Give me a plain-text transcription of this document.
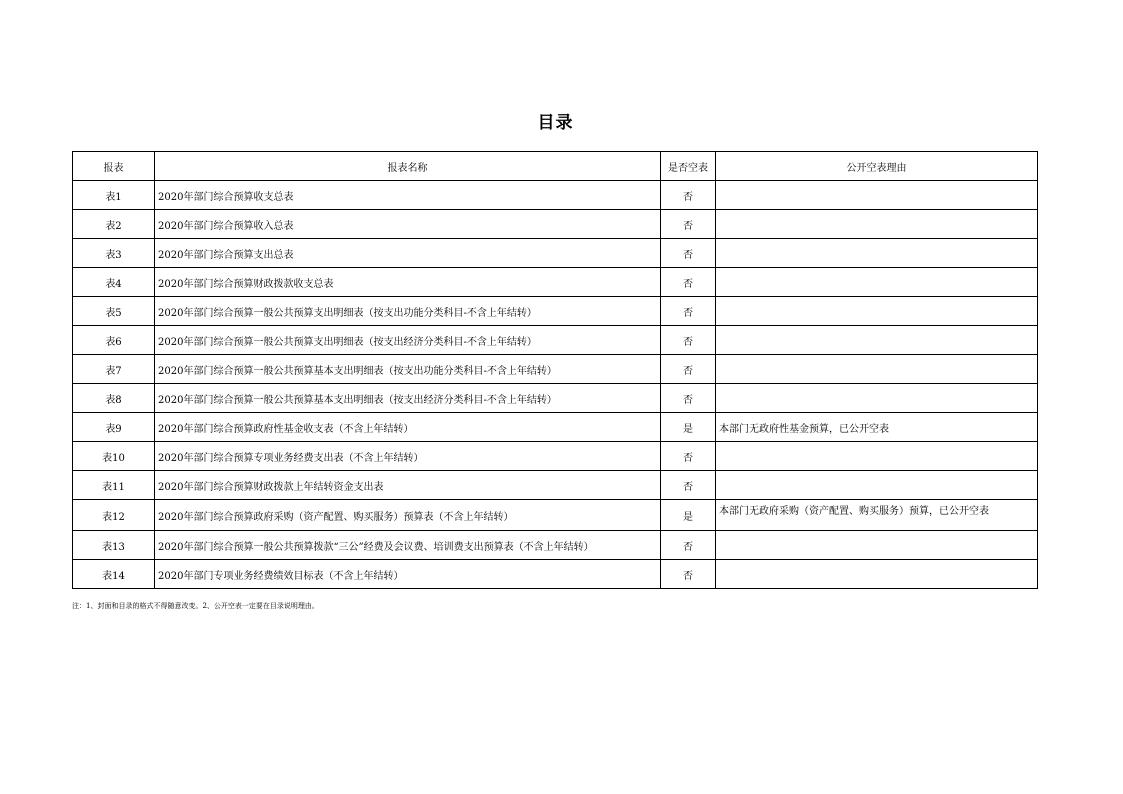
目录
报表	报表名称	是否空表	公开空表理由
表1	2020年部门综合预算收支总表	否	
表2	2020年部门综合预算收入总表	否	
表3	2020年部门综合预算支出总表	否	
表4	2020年部门综合预算财政拨款收支总表	否	
表5	2020年部门综合预算一般公共预算支出明细表（按支出功能分类科目-不含上年结转）	否	
表6	2020年部门综合预算一般公共预算支出明细表（按支出经济分类科目-不含上年结转）	否	
表7	2020年部门综合预算一般公共预算基本支出明细表（按支出功能分类科目-不含上年结转）	否	
表8	2020年部门综合预算一般公共预算基本支出明细表（按支出经济分类科目-不含上年结转）	否	
表9	2020年部门综合预算政府性基金收支表（不含上年结转）	是	本部门无政府性基金预算，已公开空表
表10	2020年部门综合预算专项业务经费支出表（不含上年结转）	否	
表11	2020年部门综合预算财政拨款上年结转资金支出表	否	
表12	2020年部门综合预算政府采购（资产配置、购买服务）预算表（不含上年结转）	是	本部门无政府采购（资产配置、购买服务）预算，已公开空表
表13	2020年部门综合预算一般公共预算拨款“三公”经费及会议费、培训费支出预算表（不含上年结转）	否	
表14	2020年部门专项业务经费绩效目标表（不含上年结转）	否	
注：1、封面和目录的格式不得随意改变。2、公开空表一定要在目录说明理由。
